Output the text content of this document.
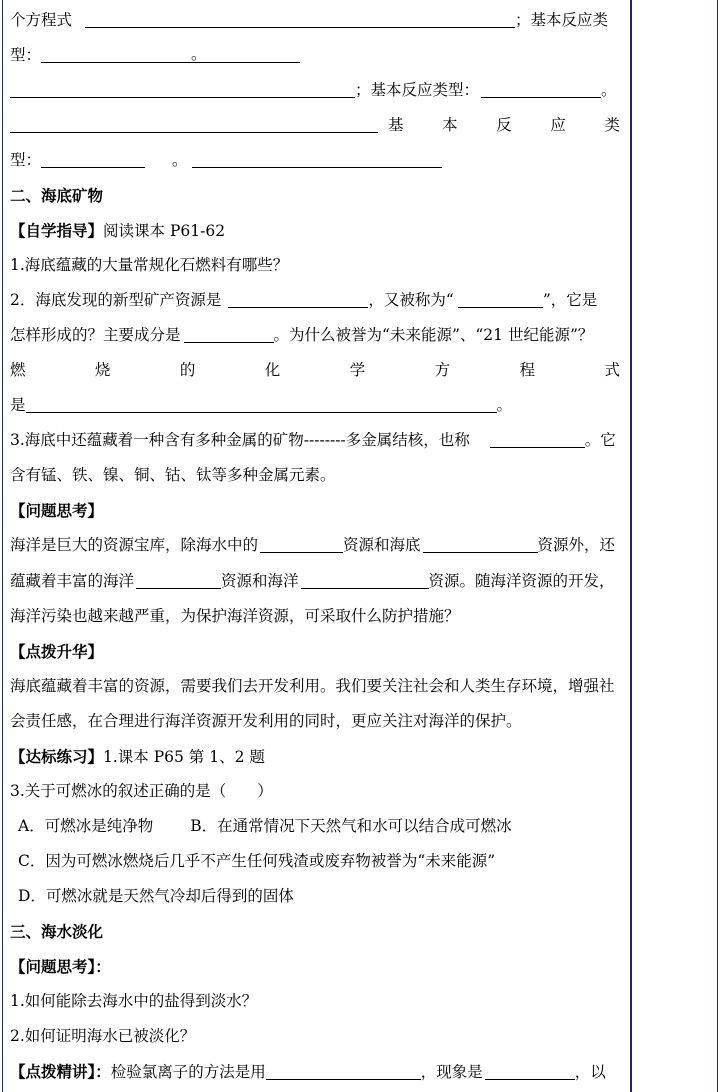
个方程式	；基本反应类
型：	。
；基本反应类型：	。
基 本 反 应 类
型：	。
二、海底矿物
【自学指导】 阅读课本 P61-62
1.海底蕴藏的大量常规化石燃料有哪些？
2．海底发现的新型矿产资源是	，又被称为“	”，它是
怎样形成的？主要成分是	。为什么被誉为“未来能源”、“21 世纪能源”？
燃	烧	的	化	学	方	程	式
是	。
3.海底中还蕴藏着一种含有多种金属的矿物--------多金属结核，也称	。它
含有锰、铁、镍、铜、钴、钛等多种金属元素。
【问题思考】
海洋是巨大的资源宝库，除海水中的	资源和海底	资源外，还
蕴藏着丰富的海洋	资源和海洋	资源。随海洋资源的开发，
海洋污染也越来越严重，为保护海洋资源，可采取什么防护措施？
【点拨升华】
海底蕴藏着丰富的资源，需要我们去开发利用。我们要关注社会和人类生存环境，增强社
会责任感，在合理进行海洋资源开发利用的同时，更应关注对海洋的保护。
【达标练习】 1.课本 P65 第 1、2 题
3.关于可燃冰的叙述正确的是（　　）
A．可燃冰是纯净物 B．在通常情况下天然气和水可以结合成可燃冰
C．因为可燃冰燃烧后几乎不产生任何残渣或废弃物被誉为“未来能源”
D．可燃冰就是天然气冷却后得到的固体
三、海水淡化
【问题思考】：
1.如何能除去海水中的盐得到淡水？
2.如何证明海水已被淡化？
【点拨精讲】： 检验氯离子的方法是用	，现象是	，以
